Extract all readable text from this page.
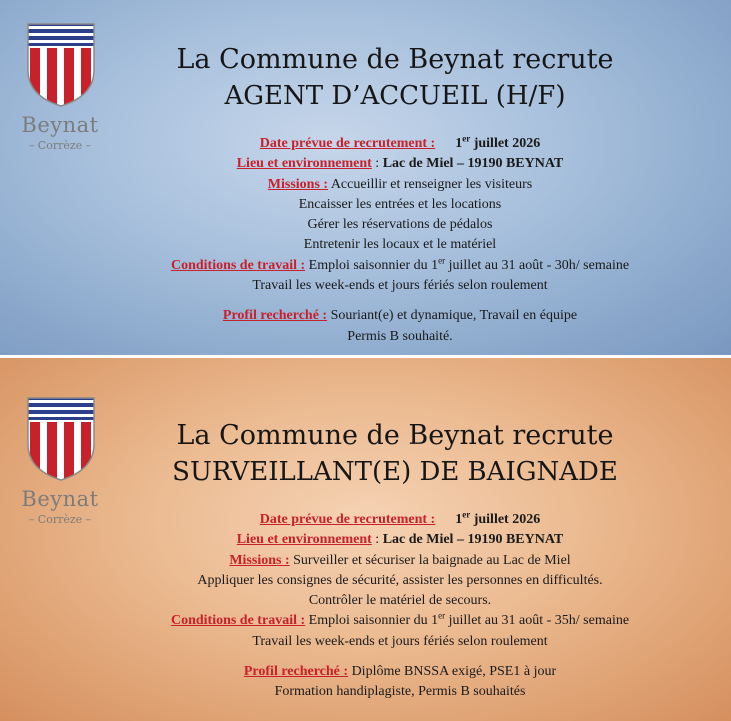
Beynat
– Corrèze –
La Commune de Beynat recrute
AGENT D’ACCUEIL (H/F)
Date prévue de recrutement : 1er juillet 2026
Lieu et environnement : Lac de Miel – 19190 BEYNAT
Missions : Accueillir et renseigner les visiteurs
Encaisser les entrées et les locations
Gérer les réservations de pédalos
Entretenir les locaux et le matériel
Conditions de travail : Emploi saisonnier du 1er juillet au 31 août - 30h/ semaine
Travail les week-ends et jours fériés selon roulement
Profil recherché : Souriant(e) et dynamique, Travail en équipe
Permis B souhaité.
Beynat
– Corrèze –
La Commune de Beynat recrute
SURVEILLANT(E) DE BAIGNADE
Date prévue de recrutement : 1er juillet 2026
Lieu et environnement : Lac de Miel – 19190 BEYNAT
Missions : Surveiller et sécuriser la baignade au Lac de Miel
Appliquer les consignes de sécurité, assister les personnes en difficultés.
Contrôler le matériel de secours.
Conditions de travail : Emploi saisonnier du 1er juillet au 31 août - 35h/ semaine
Travail les week-ends et jours fériés selon roulement
Profil recherché : Diplôme BNSSA exigé, PSE1 à jour
Formation handiplagiste, Permis B souhaités
